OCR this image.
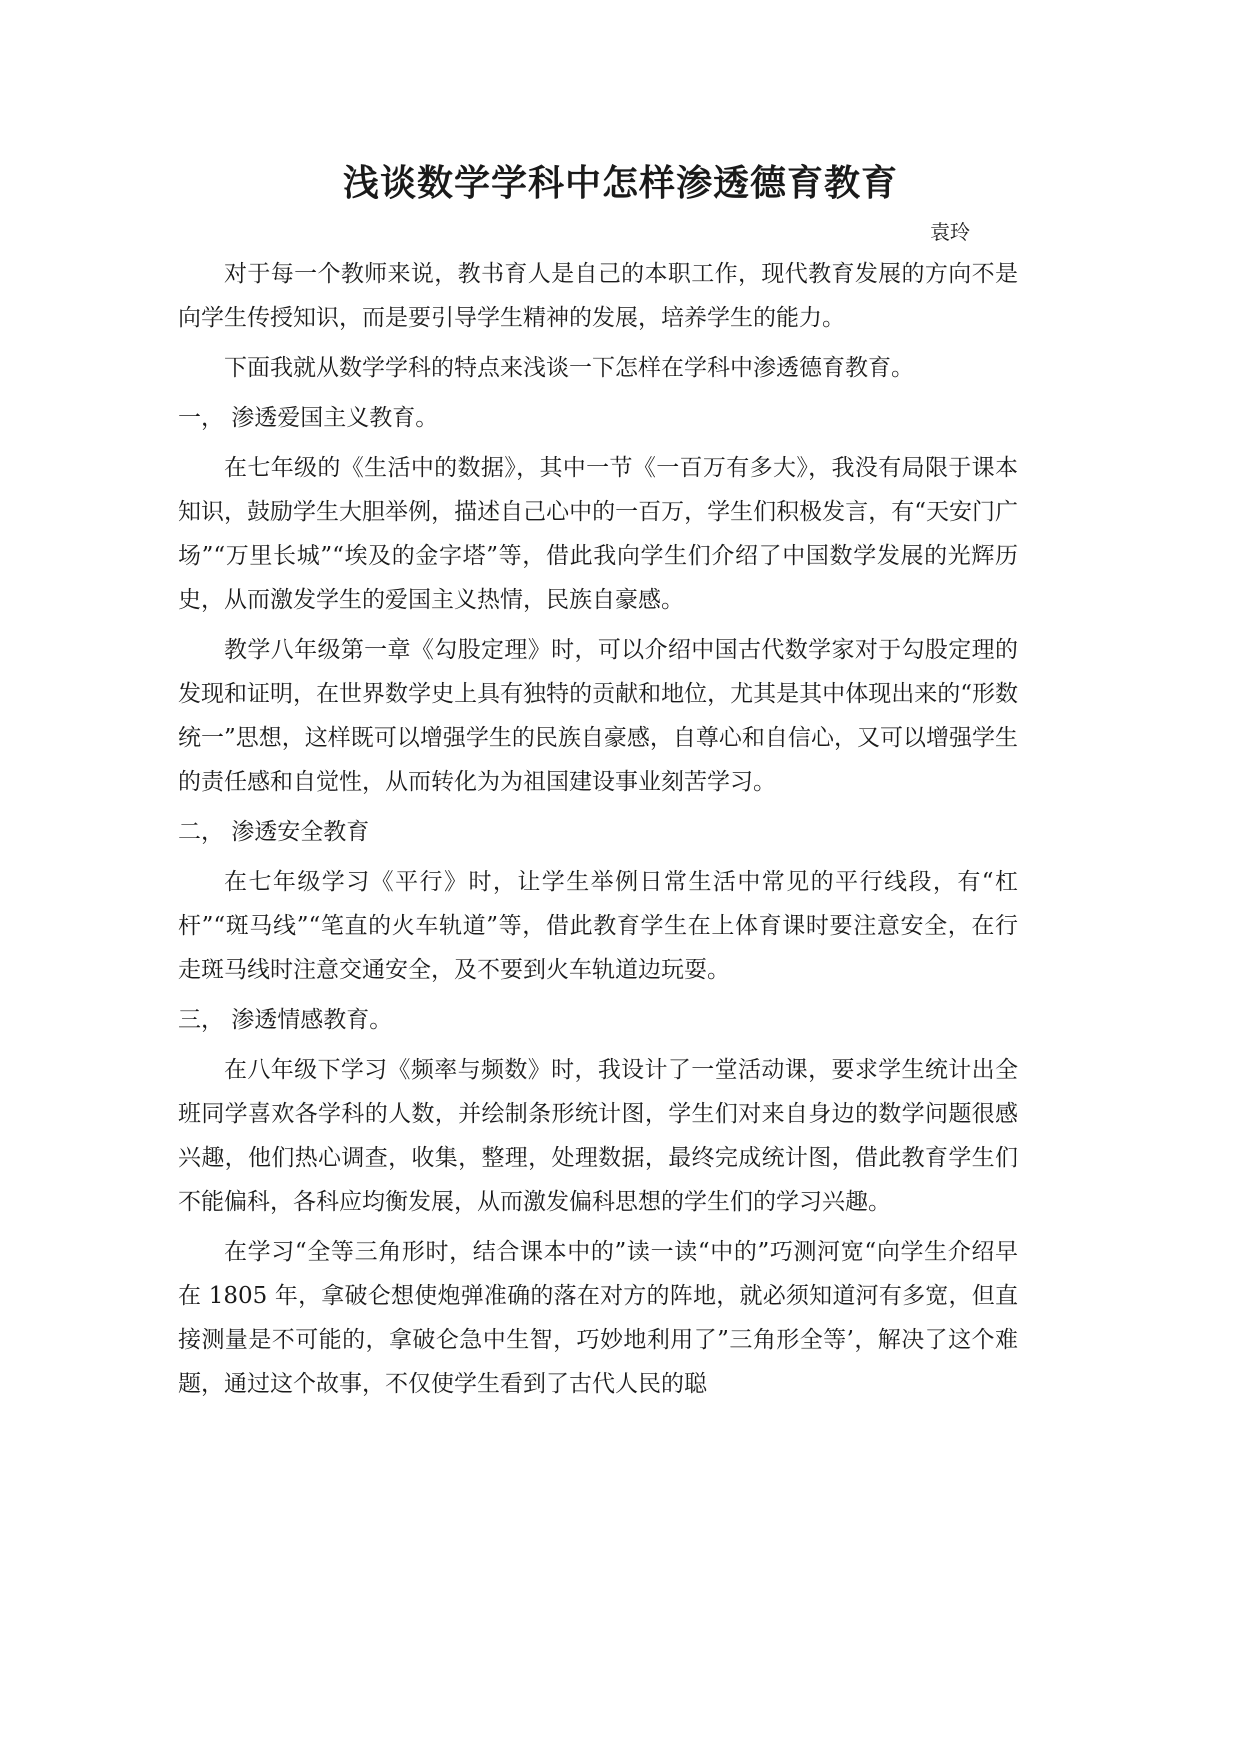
浅谈数学学科中怎样渗透德育教育
袁玲

对于每一个教师来说，教书育人是自己的本职工作，现代教育发展的方向不是向学生传授知识，而是要引导学生精神的发展，培养学生的能力。

下面我就从数学学科的特点来浅谈一下怎样在学科中渗透德育教育。

一， 渗透爱国主义教育。

在七年级的《生活中的数据》，其中一节《一百万有多大》，我没有局限于课本知识，鼓励学生大胆举例，描述自己心中的一百万，学生们积极发言，有“天安门广场”“万里长城”“埃及的金字塔”等，借此我向学生们介绍了中国数学发展的光辉历史，从而激发学生的爱国主义热情，民族自豪感。

教学八年级第一章《勾股定理》时，可以介绍中国古代数学家对于勾股定理的发现和证明，在世界数学史上具有独特的贡献和地位，尤其是其中体现出来的“形数统一”思想，这样既可以增强学生的民族自豪感，自尊心和自信心，又可以增强学生的责任感和自觉性，从而转化为为祖国建设事业刻苦学习。

二， 渗透安全教育

在七年级学习《平行》时，让学生举例日常生活中常见的平行线段，有“杠杆”“斑马线”“笔直的火车轨道”等，借此教育学生在上体育课时要注意安全，在行走斑马线时注意交通安全，及不要到火车轨道边玩耍。

三， 渗透情感教育。

在八年级下学习《频率与频数》时，我设计了一堂活动课，要求学生统计出全班同学喜欢各学科的人数，并绘制条形统计图，学生们对来自身边的数学问题很感兴趣，他们热心调查，收集，整理，处理数据，最终完成统计图，借此教育学生们不能偏科，各科应均衡发展，从而激发偏科思想的学生们的学习兴趣。

在学习“全等三角形时，结合课本中的”读一读“中的”巧测河宽“向学生介绍早在 1805 年，拿破仑想使炮弹准确的落在对方的阵地，就必须知道河有多宽，但直接测量是不可能的，拿破仑急中生智，巧妙地利用了”三角形全等’，解决了这个难题，通过这个故事，不仅使学生看到了古代人民的聪
